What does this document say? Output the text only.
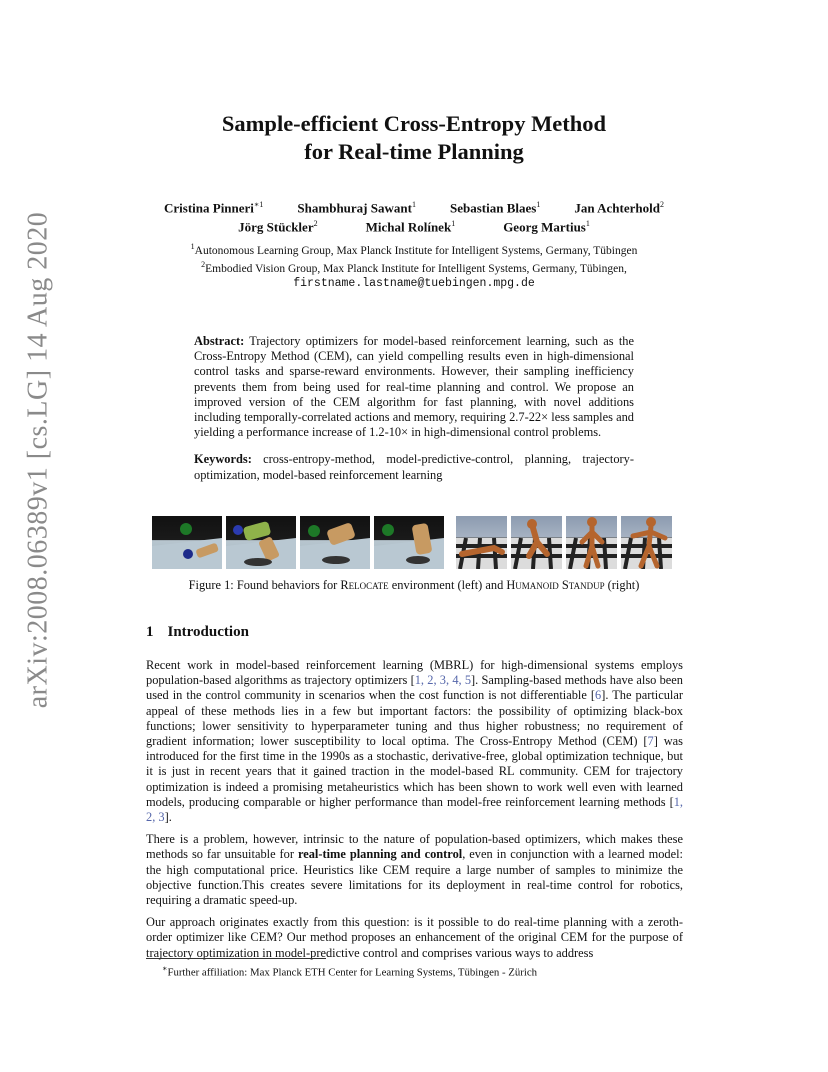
arXiv:2008.06389v1 [cs.LG] 14 Aug 2020
Sample-efficient Cross-Entropy Method
for Real-time Planning
Cristina Pinneri$^{∗1}$	Shambhuraj Sawant$^1$	Sebastian Blaes$^1$	Jan Achterhold$^2$
Jörg Stückler$^2$	Michal Rolínek$^1$	Georg Martius$^1$
$^1$Autonomous Learning Group, Max Planck Institute for Intelligent Systems, Germany, Tübingen
$^2$Embodied Vision Group, Max Planck Institute for Intelligent Systems, Germany, Tübingen,
firstname.lastname@tuebingen.mpg.de

Abstract: Trajectory optimizers for model-based reinforcement learning, such as the Cross-Entropy Method (CEM), can yield compelling results even in high-dimensional control tasks and sparse-reward environments. However, their sampling inefficiency prevents them from being used for real-time planning and control. We propose an improved version of the CEM algorithm for fast planning, with novel additions including temporally-correlated actions and memory, requiring 2.7-22× less samples and yielding a performance increase of 1.2-10× in high-dimensional control problems.

Keywords: cross-entropy-method, model-predictive-control, planning, trajectory-optimization, model-based reinforcement learning

Figure 1: Found behaviors for Relocate environment (left) and Humanoid Standup (right)
1 Introduction

Recent work in model-based reinforcement learning (MBRL) for high-dimensional systems employs population-based algorithms as trajectory optimizers [1, 2, 3, 4, 5]. Sampling-based methods have also been used in the control community in scenarios when the cost function is not differentiable [6]. The particular appeal of these methods lies in a few but important factors: the possibility of optimizing black-box functions; lower sensitivity to hyperparameter tuning and thus higher robustness; no requirement of gradient information; lower susceptibility to local optima. The Cross-Entropy Method (CEM) [7] was introduced for the first time in the 1990s as a stochastic, derivative-free, global optimization technique, but it is just in recent years that it gained traction in the model-based RL community. CEM for trajectory optimization is indeed a promising metaheuristics which has been shown to work well even with learned models, producing comparable or higher performance than model-free reinforcement learning methods [1, 2, 3].

There is a problem, however, intrinsic to the nature of population-based optimizers, which makes these methods so far unsuitable for real-time planning and control, even in conjunction with a learned model: the high computational price. Heuristics like CEM require a large number of samples to minimize the objective function.This creates severe limitations for its deployment in real-time control for robotics, requiring a dramatic speed-up.

Our approach originates exactly from this question: is it possible to do real-time planning with a zeroth-order optimizer like CEM? Our method proposes an enhancement of the original CEM for the purpose of trajectory optimization in model-predictive control and comprises various ways to address

∗Further affiliation: Max Planck ETH Center for Learning Systems, Tübingen - Zürich
